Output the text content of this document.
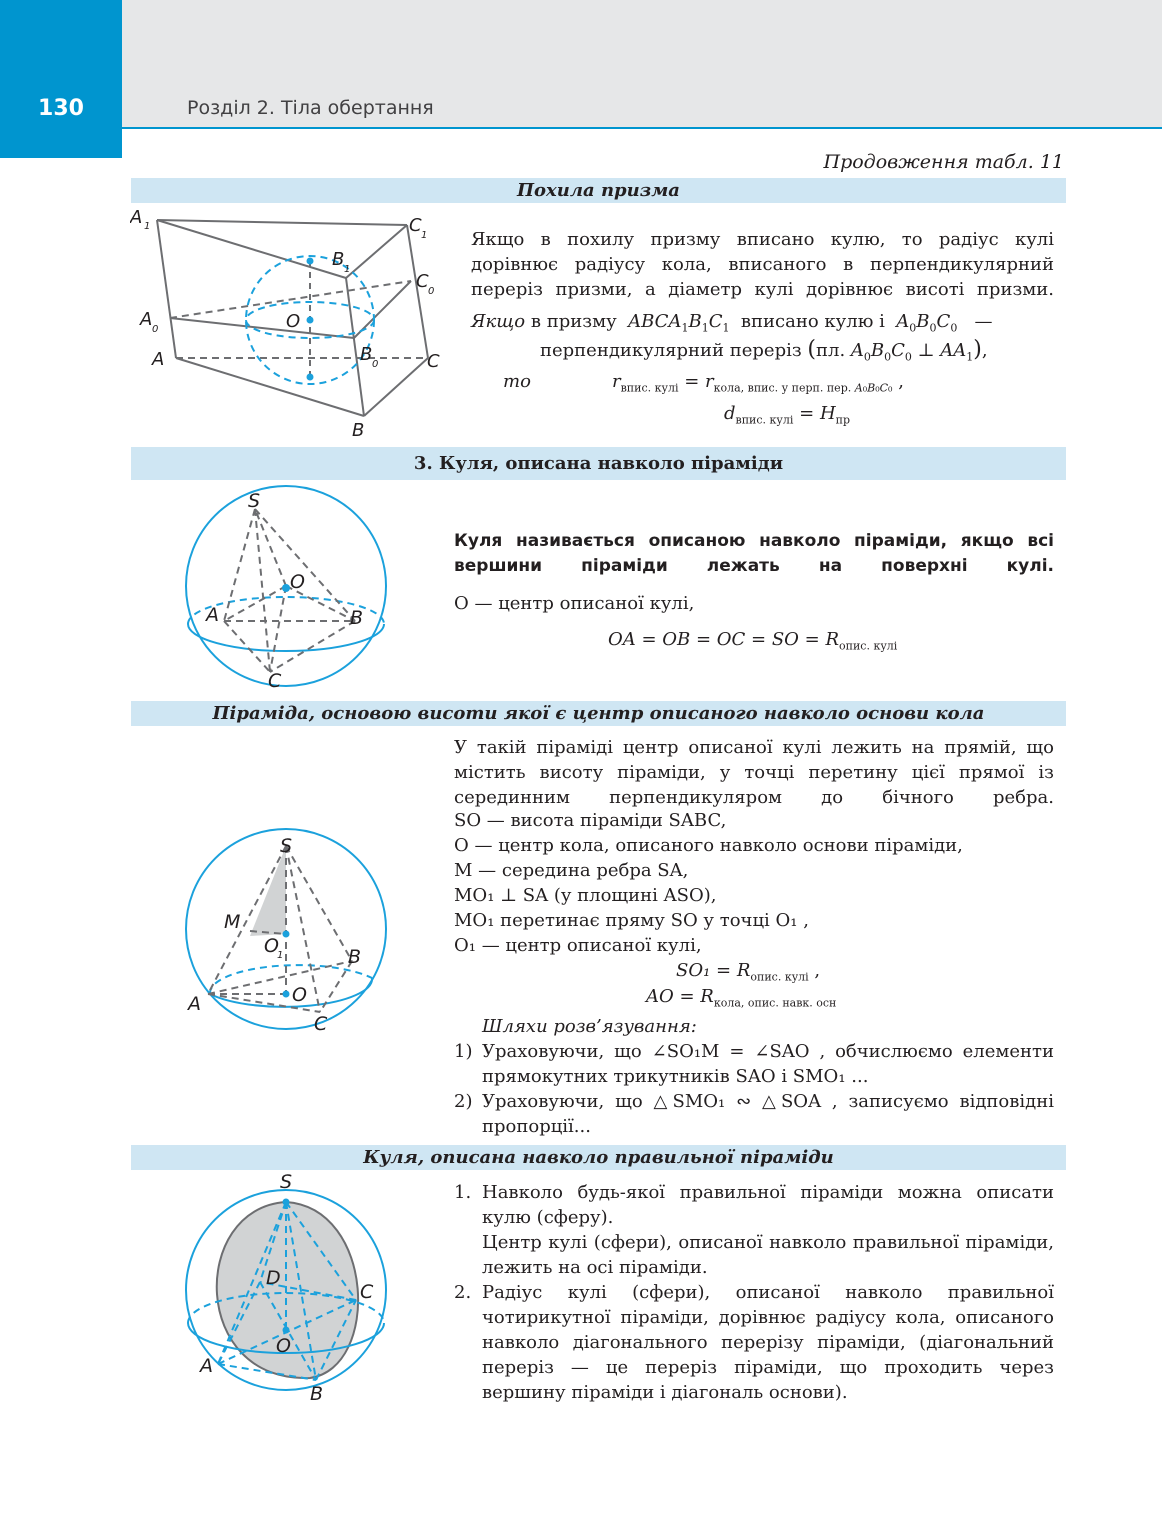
130	Розділ 2. Тіла обертання
Продовження табл. 11
Похила призма
A 1	C 1
B 1
C 0
A 0	O
B 0
A	C
B
Якщо в похилу призму вписано кулю, то радіус кулі дорівнює радіусу кола, вписаного в перпендикулярний переріз призми, а діаметр кулі дорівнює висоті призми.
Якщо в призму $ABCA_1B_1C_1$ вписано кулю і $A_0B_0C_0$ —
перпендикулярний переріз (пл. $A_0B_0C_0$ ⊥ $AA_1$),
то	$r_{впис. кулі} = r_{кола, впис. у перп. пер. A_0B_0C_0}$ ,
$d_{впис. кулі} = H_{пр}$
3. Куля, описана навколо піраміди
S
O
A	B
C
Куля називається описаною навколо піраміди, якщо всі вершини піраміди лежать на поверхні кулі.
O — центр описаної кулі,
OA = OB = OC = SO = $R_{опис. кулі}$
Піраміда, основою висоти якої є центр описаного навколо основи кола
S
M
O
1	B
A	O
C
У такій піраміді центр описаної кулі лежить на прямій, що містить висоту піраміди, у точці перетину цієї прямої із серединним перпендикуляром до бічного ребра.
SO — висота піраміди SABC,
O — центр кола, описаного навколо основи піраміди,
M — середина ребра SA,
MO₁ ⊥ SA (у площині ASO),
MO₁ перетинає пряму SO у точці O₁ ,
O₁ — центр описаної кулі,
$SO_1 = R_{опис. кулі}$ ,
AO = $R_{кола, опис. навк. осн}$
Шляхи розв’язування:
1) Ураховуючи, що ∠SO₁M = ∠SAO , обчислюємо елементи прямокутних трикутників SAO і SMO₁ ...
2) Ураховуючи, що △SMO₁ ∾ △SOA , записуємо відповідні пропорції...
Куля, описана навколо правильної піраміди
S
D
C
O
A
B
1. Навколо будь-якої правильної піраміди можна описати кулю (сферу).
Центр кулі (сфери), описаної навколо правильної піраміди, лежить на осі піраміди.
2. Радіус кулі (сфери), описаної навколо правильної чотирикутної піраміди, дорівнює радіусу кола, описаного навколо діагонального перерізу піраміди, (діагональний переріз — це переріз піраміди, що проходить через вершину піраміди і діагональ основи).
